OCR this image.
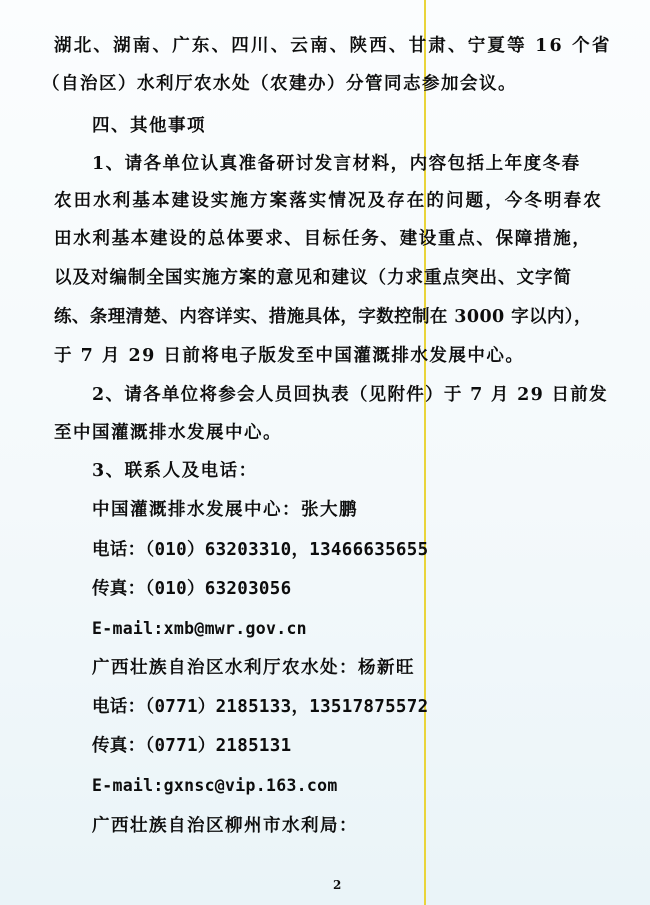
湖北、湖南、广东、四川、云南、陕西、甘肃、宁夏等 16 个省
（自治区）水利厅农水处（农建办）分管同志参加会议。
四、其他事项
1、请各单位认真准备研讨发言材料，内容包括上年度冬春
农田水利基本建设实施方案落实情况及存在的问题，今冬明春农
田水利基本建设的总体要求、目标任务、建设重点、保障措施，
以及对编制全国实施方案的意见和建议（力求重点突出、文字简
练、条理清楚、内容详实、措施具体，字数控制在 3000 字以内），
于 7 月 29 日前将电子版发至中国灌溉排水发展中心。
2、请各单位将参会人员回执表（见附件）于 7 月 29 日前发
至中国灌溉排水发展中心。
3、联系人及电话：
中国灌溉排水发展中心：张大鹏
电话：（010）63203310，13466635655
传真：（010）63203056
E-mail:xmb@mwr.gov.cn
广西壮族自治区水利厅农水处：杨新旺
电话：（0771）2185133，13517875572
传真：（0771）2185131
E-mail:gxnsc@vip.163.com
广西壮族自治区柳州市水利局：
2
